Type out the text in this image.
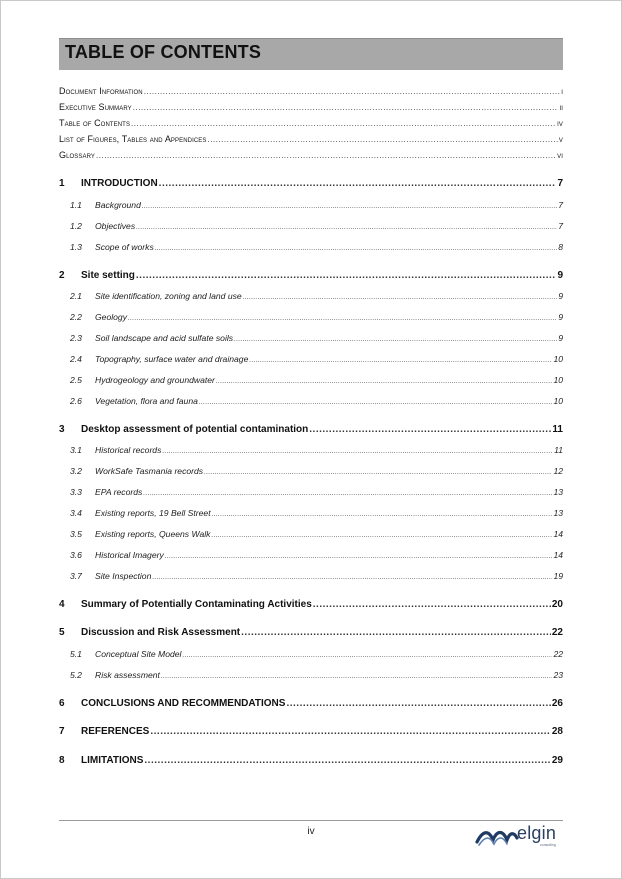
TABLE OF CONTENTS
Document Information .....	i
Executive Summary .....	ii
Table of Contents .....	iv
List of Figures, Tables and Appendices .....	v
Glossary .....	vi
1 INTRODUCTION .....	7
1.1 Background .....	7
1.2 Objectives .....	7
1.3 Scope of works .....	8
2 Site setting .....	9
2.1 Site identification, zoning and land use .....	9
2.2 Geology .....	9
2.3 Soil landscape and acid sulfate soils .....	9
2.4 Topography, surface water and drainage .....	10
2.5 Hydrogeology and groundwater .....	10
2.6 Vegetation, flora and fauna .....	10
3 Desktop assessment of potential contamination .....	11
3.1 Historical records .....	11
3.2 WorkSafe Tasmania records .....	12
3.3 EPA records .....	13
3.4 Existing reports, 19 Bell Street .....	13
3.5 Existing reports, Queens Walk .....	14
3.6 Historical Imagery .....	14
3.7 Site Inspection .....	19
4 Summary of Potentially Contaminating Activities .....	20
5 Discussion and Risk Assessment .....	22
5.1 Conceptual Site Model .....	22
5.2 Risk assessment .....	23
6 CONCLUSIONS AND RECOMMENDATIONS .....	26
7 REFERENCES .....	28
8 LIMITATIONS .....	29
iv	elgin
consulting
